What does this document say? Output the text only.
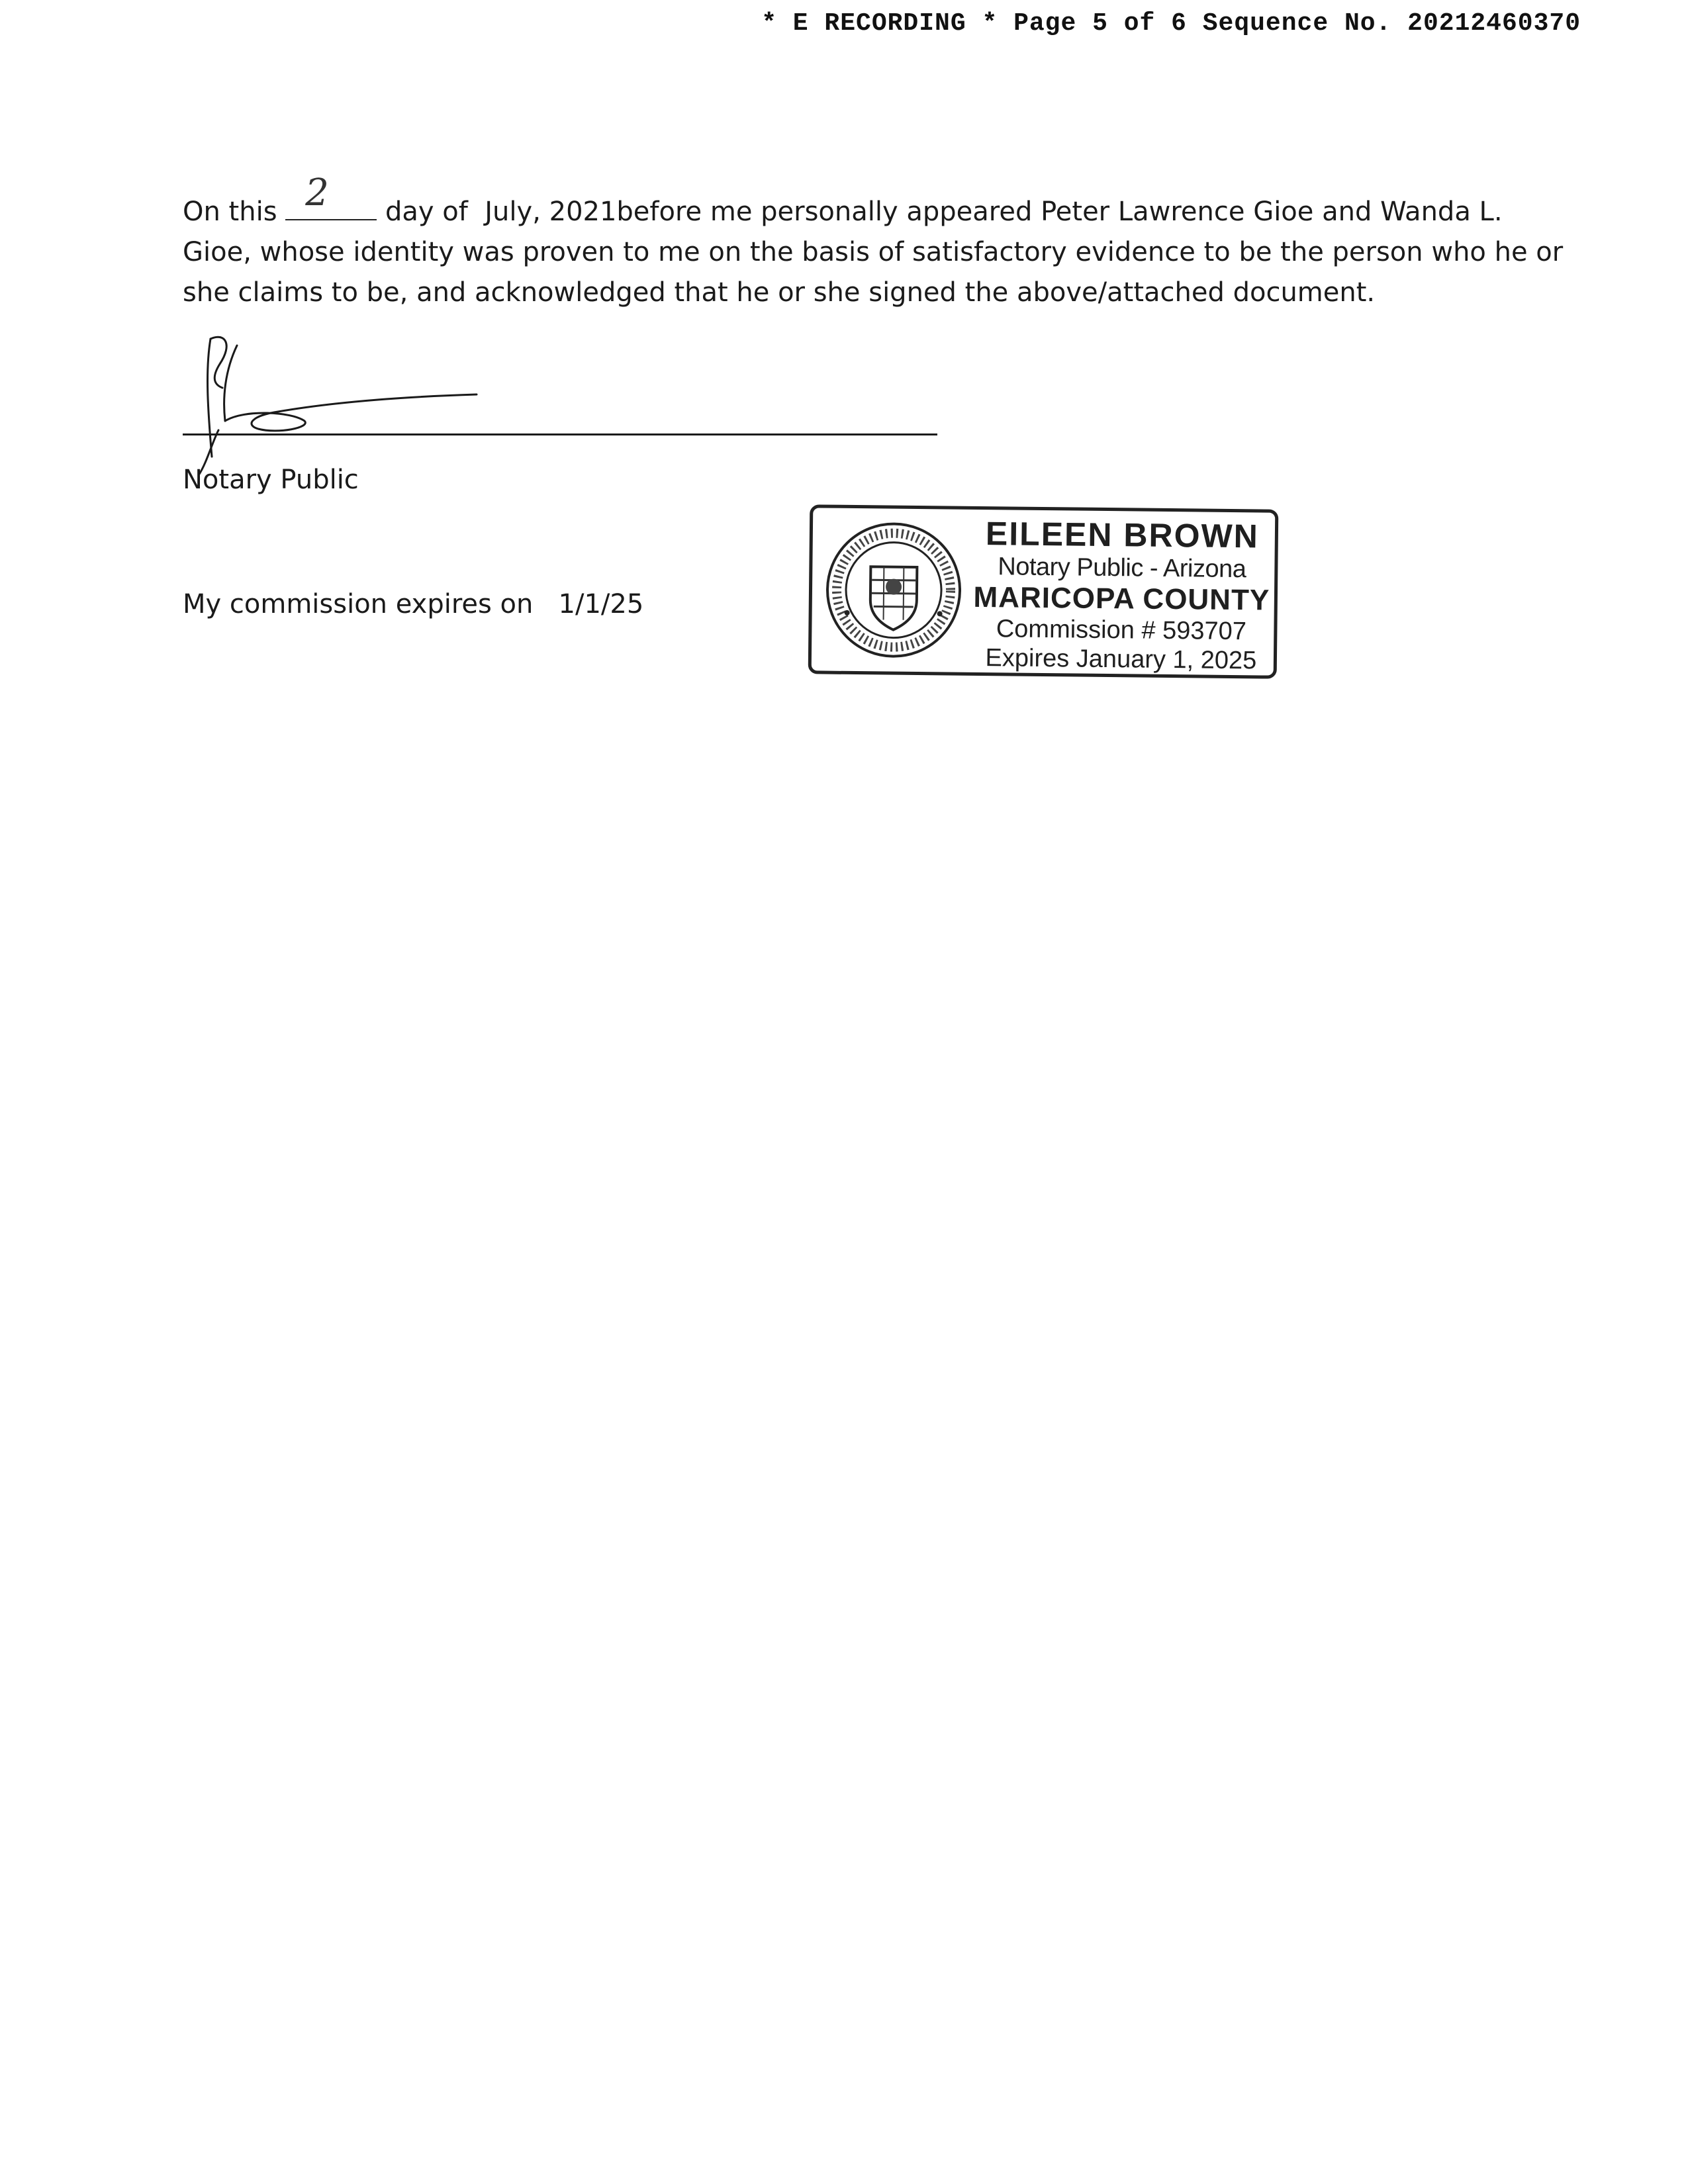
* E RECORDING * Page 5 of 6 Sequence No. 20212460370
On this 2 day of  July, 2021before me personally appeared Peter Lawrence Gioe and Wanda L.
Gioe, whose identity was proven to me on the basis of satisfactory evidence to be the person who he or
she claims to be, and acknowledged that he or she signed the above/attached document.
Notary Public
My commission expires on   1/1/25
EILEEN BROWN
Notary Public - Arizona
MARICOPA COUNTY
Commission # 593707
Expires January 1, 2025
